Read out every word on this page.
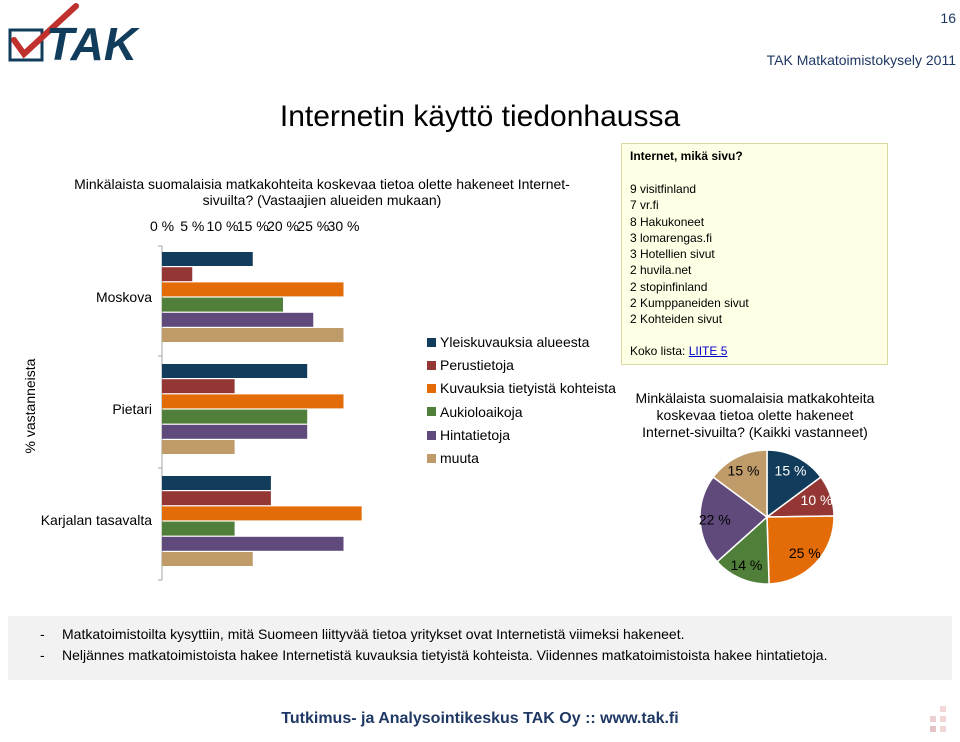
TAK	16
TAK Matkatoimistokysely 2011
Internetin käyttö tiedonhaussa
Minkälaista suomalaisia matkakohteita koskevaa tietoa olette hakeneet Internet-
sivuilta? (Vastaajien alueiden mukaan)
0 % 5 % 10 %
15 %
20 %
25 %
30 %
Moskova
Pietari
Karjalan tasavalta
% vastanneista
Yleiskuvauksia alueesta
Perustietoja
Kuvauksia tietyistä kohteista
Aukioloaikoja
Hintatietoja
muuta
Internet, mikä sivu?
9 visitfinland
7 vr.fi
8 Hakukoneet
3 lomarengas.fi
3 Hotellien sivut
2 huvila.net
2 stopinfinland
2 Kumppaneiden sivut
2 Kohteiden sivut
Koko lista: LIITE 5
Minkälaista suomalaisia matkakohteita koskevaa tietoa olette hakeneet Internet-sivuilta? (Kaikki vastanneet)
15 %
10 %
25 %
14 %
22 %
15 %
- Matkatoimistoilta kysyttiin, mitä Suomeen liittyvää tietoa yritykset ovat Internetistä viimeksi hakeneet.
- Neljännes matkatoimistoista hakee Internetistä kuvauksia tietyistä kohteista. Viidennes matkatoimistoista hakee hintatietoja.
Tutkimus- ja Analysointikeskus TAK Oy :: www.tak.fi
